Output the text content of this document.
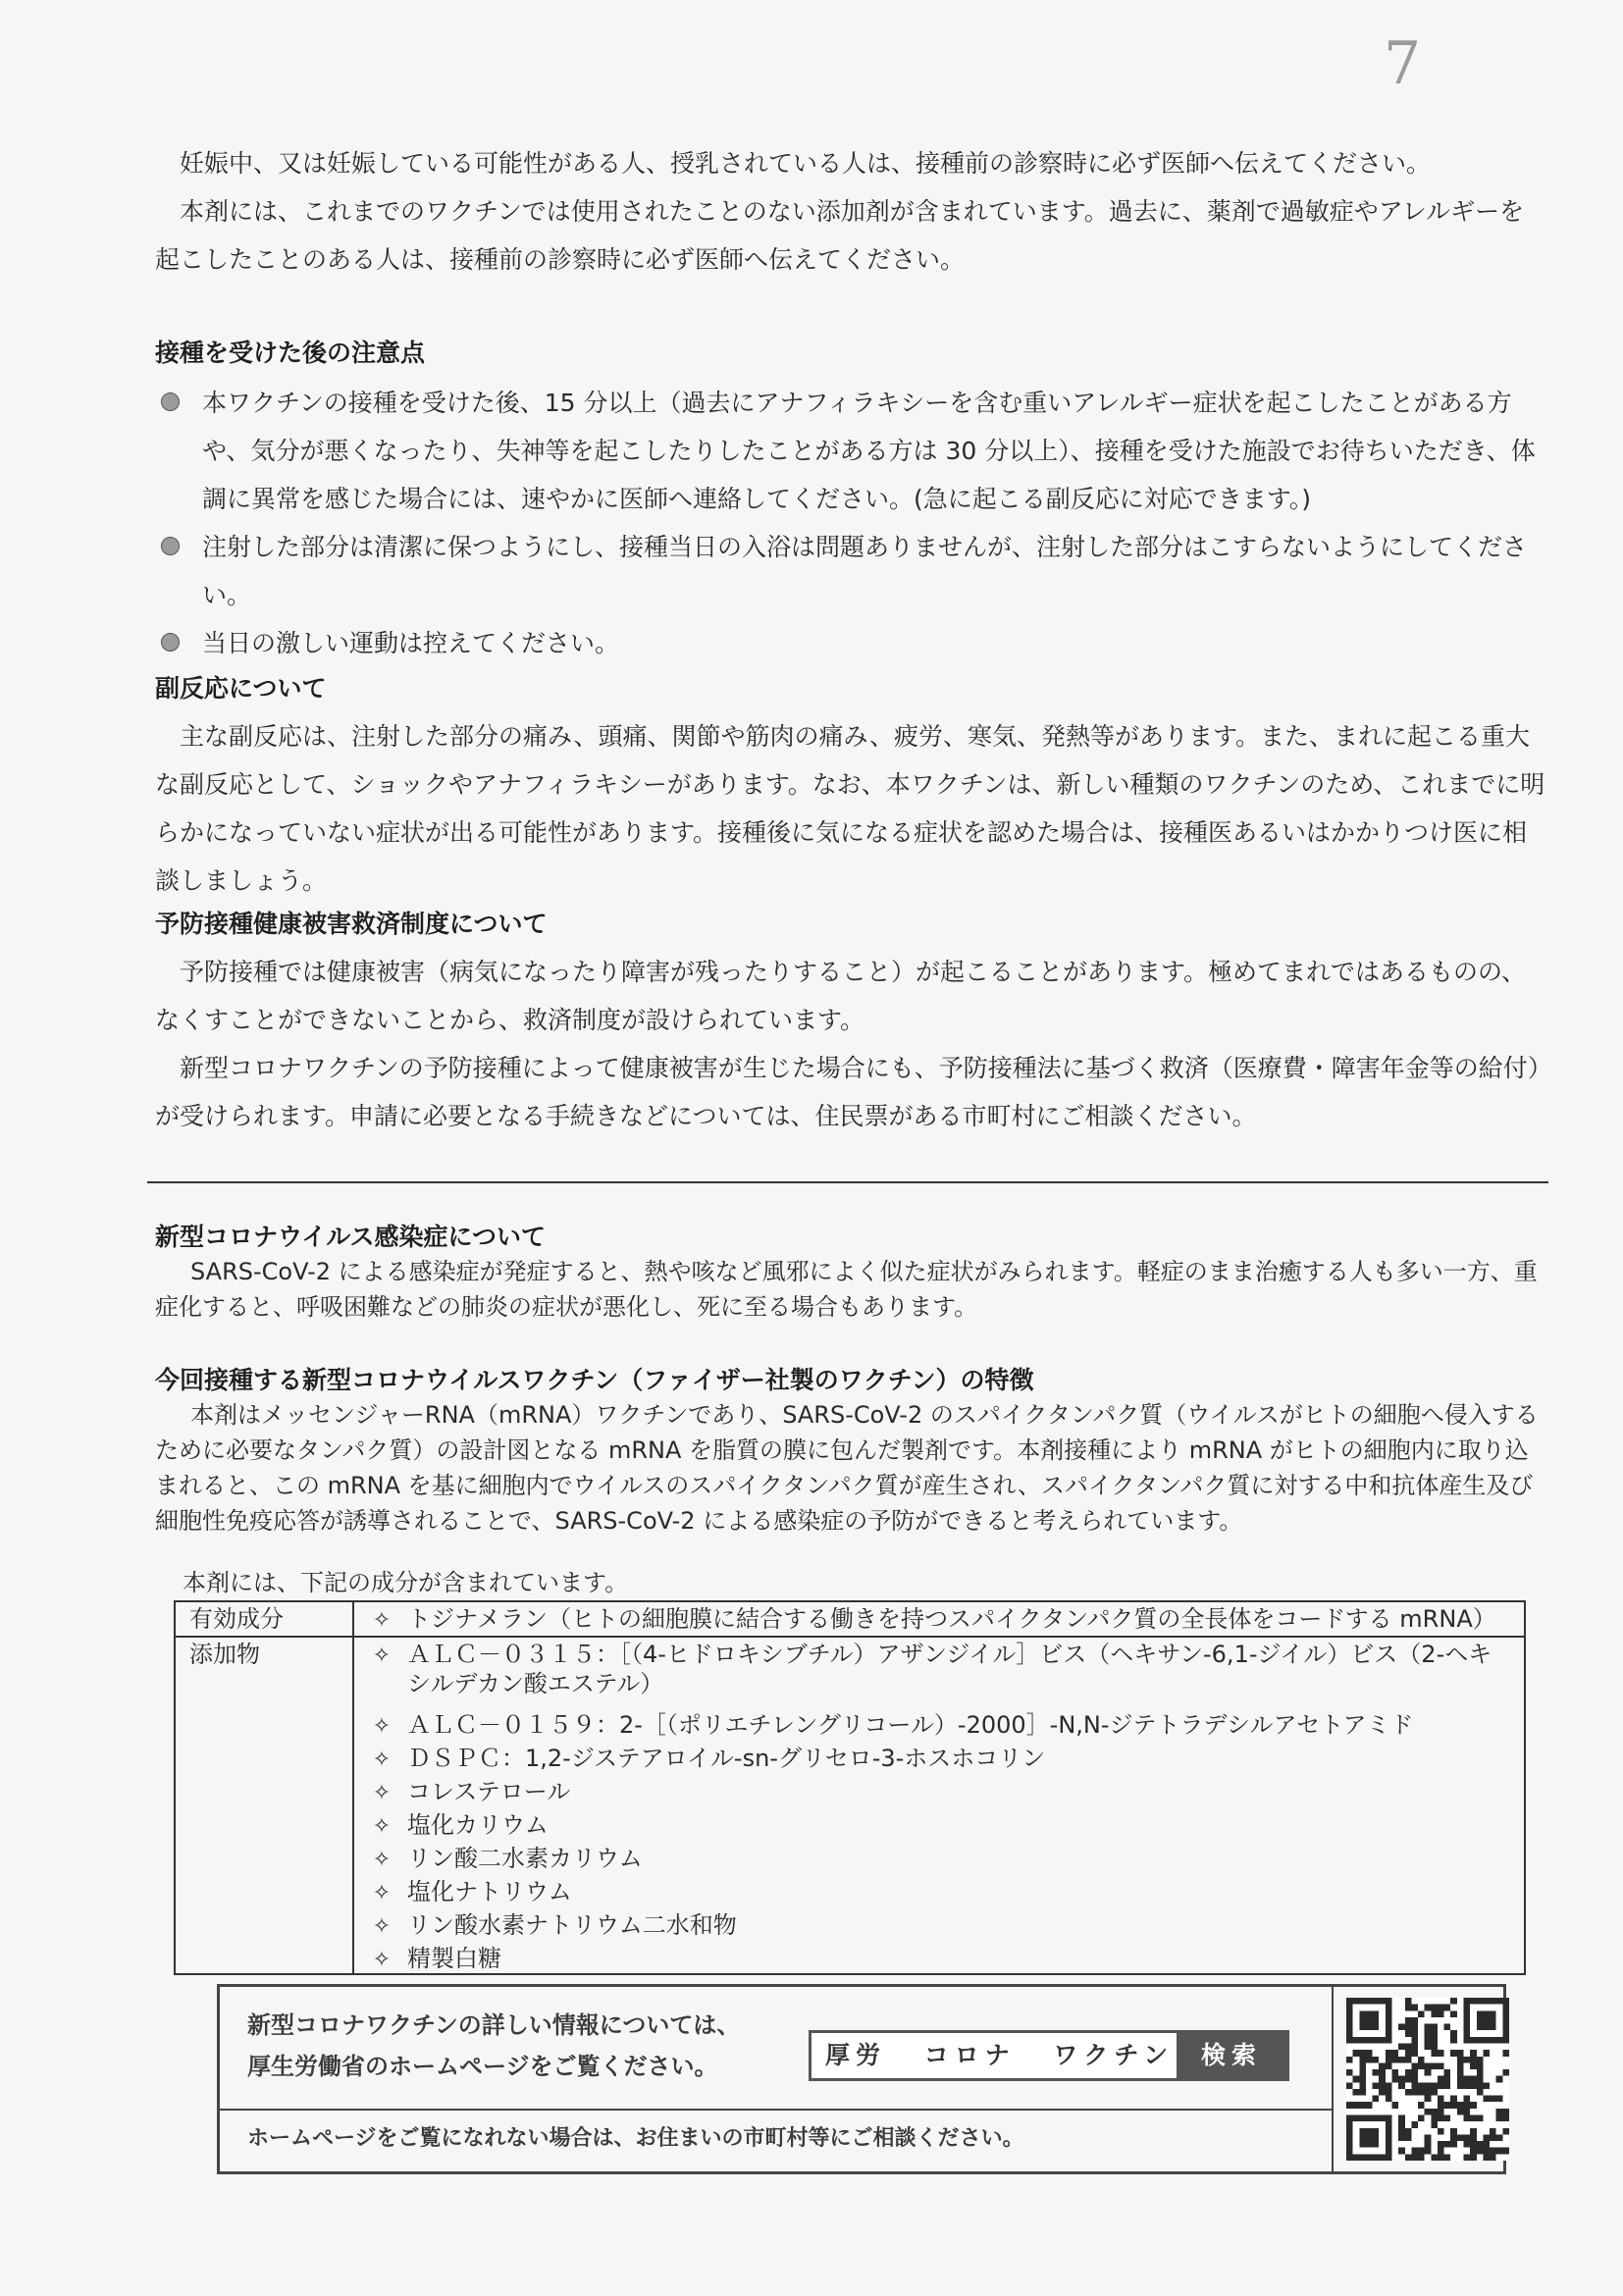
7

妊娠中、又は妊娠している可能性がある人、授乳されている人は、接種前の診察時に必ず医師へ伝えてください。

本剤には、これまでのワクチンでは使用されたことのない添加剤が含まれています。過去に、薬剤で過敏症やアレルギーを起こしたことのある人は、接種前の診察時に必ず医師へ伝えてください。

接種を受けた後の注意点
本ワクチンの接種を受けた後、15 分以上（過去にアナフィラキシーを含む重いアレルギー症状を起こしたことがある方や、気分が悪くなったり、失神等を起こしたりしたことがある方は 30 分以上）、接種を受けた施設でお待ちいただき、体調に異常を感じた場合には、速やかに医師へ連絡してください。(急に起こる副反応に対応できます。)
注射した部分は清潔に保つようにし、接種当日の入浴は問題ありませんが、注射した部分はこすらないようにしてください。
当日の激しい運動は控えてください。
副反応について

主な副反応は、注射した部分の痛み、頭痛、関節や筋肉の痛み、疲労、寒気、発熱等があります。また、まれに起こる重大な副反応として、ショックやアナフィラキシーがあります。なお、本ワクチンは、新しい種類のワクチンのため、これまでに明らかになっていない症状が出る可能性があります。接種後に気になる症状を認めた場合は、接種医あるいはかかりつけ医に相談しましょう。

予防接種健康被害救済制度について

予防接種では健康被害（病気になったり障害が残ったりすること）が起こることがあります。極めてまれではあるものの、なくすことができないことから、救済制度が設けられています。

新型コロナワクチンの予防接種によって健康被害が生じた場合にも、予防接種法に基づく救済（医療費・障害年金等の給付）が受けられます。申請に必要となる手続きなどについては、住民票がある市町村にご相談ください。

新型コロナウイルス感染症について

SARS-CoV-2 による感染症が発症すると、熱や咳など風邪によく似た症状がみられます。軽症のまま治癒する人も多い一方、重症化すると、呼吸困難などの肺炎の症状が悪化し、死に至る場合もあります。

今回接種する新型コロナウイルスワクチン（ファイザー社製のワクチン）の特徴

本剤はメッセンジャーRNA（mRNA）ワクチンであり、SARS-CoV-2 のスパイクタンパク質（ウイルスがヒトの細胞へ侵入するために必要なタンパク質）の設計図となる mRNA を脂質の膜に包んだ製剤です。本剤接種により mRNA がヒトの細胞内に取り込まれると、この mRNA を基に細胞内でウイルスのスパイクタンパク質が産生され、スパイクタンパク質に対する中和抗体産生及び細胞性免疫応答が誘導されることで、SARS-CoV-2 による感染症の予防ができると考えられています。

本剤には、下記の成分が含まれています。
有効成分	✧ トジナメラン（ヒトの細胞膜に結合する働きを持つスパイクタンパク質の全長体をコードする mRNA）
添加物	✧ ＡＬＣ－０３１５：［（4-ヒドロキシブチル）アザンジイル］ビス（ヘキサン-6,1-ジイル）ビス（2-ヘキシルデカン酸エステル）
✧ ＡＬＣ－０１５９：2-［（ポリエチレングリコール）-2000］-N,N-ジテトラデシルアセトアミド
✧ ＤＳＰＣ：1,2-ジステアロイル-sn-グリセロ-3-ホスホコリン
✧ コレステロール
✧ 塩化カリウム
✧ リン酸二水素カリウム
✧ 塩化ナトリウム
✧ リン酸水素ナトリウム二水和物
✧ 精製白糖
新型コロナワクチンの詳しい情報については、
厚生労働省のホームページをご覧ください。	厚労 コロナ ワクチン	検索
ホームページをご覧になれない場合は、お住まいの市町村等にご相談ください。
